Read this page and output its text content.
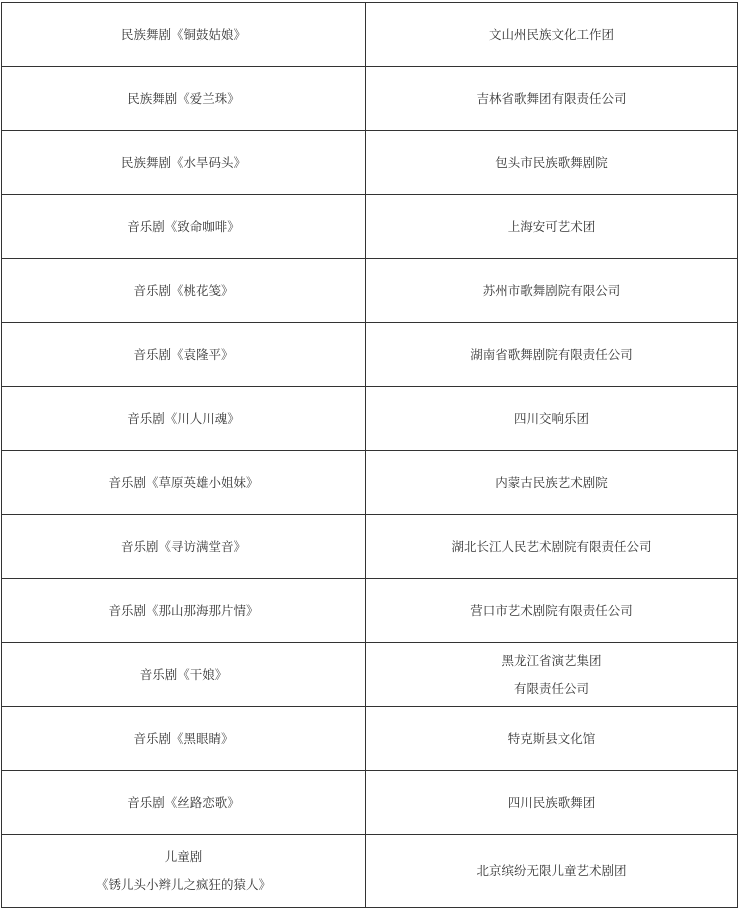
民族舞剧《铜鼓姑娘》	文山州民族文化工作团

民族舞剧《爱兰珠》	吉林省歌舞团有限责任公司

民族舞剧《水旱码头》	包头市民族歌舞剧院

音乐剧《致命咖啡》	上海安可艺术团

音乐剧《桃花笺》	苏州市歌舞剧院有限公司

音乐剧《袁隆平》	湖南省歌舞剧院有限责任公司

音乐剧《川人川魂》	四川交响乐团

音乐剧《草原英雄小姐妹》	内蒙古民族艺术剧院

音乐剧《寻访满堂音》	湖北长江人民艺术剧院有限责任公司

音乐剧《那山那海那片情》	营口市艺术剧院有限责任公司

音乐剧《干娘》	黑龙江省演艺集团
有限责任公司

音乐剧《黑眼睛》	特克斯县文化馆

音乐剧《丝路恋歌》	四川民族歌舞团

儿童剧
《锈儿头小辫儿之疯狂的猿人》	北京缤纷无限儿童艺术剧团
